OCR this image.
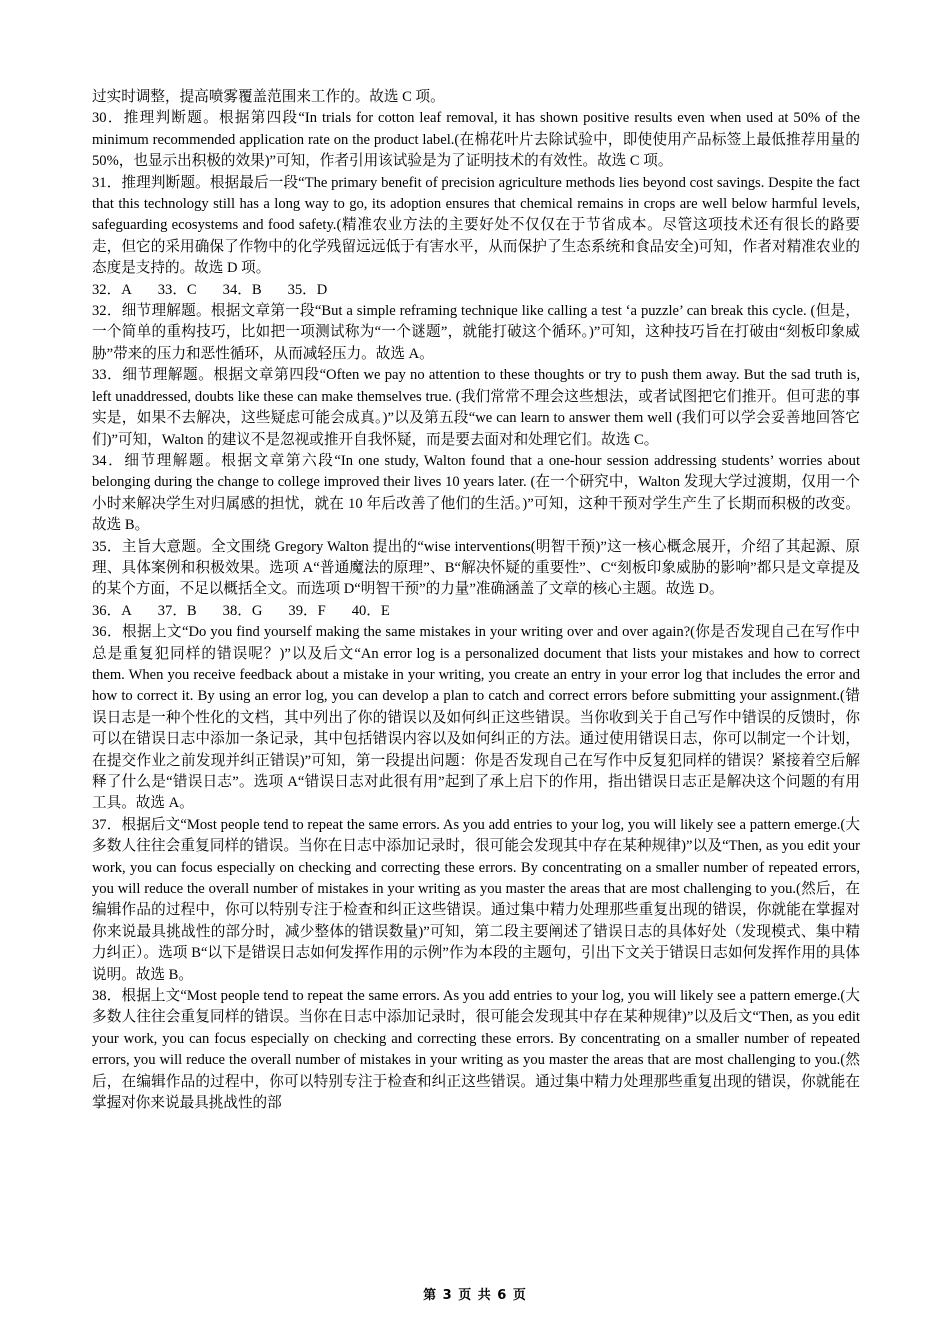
过实时调整，提高喷雾覆盖范围来工作的。故选 C 项。

30．推理判断题。根据第四段“In trials for cotton leaf removal, it has shown positive results even when used at 50% of the minimum recommended application rate on the product label.(在棉花叶片去除试验中，即使使用产品标签上最低推荐用量的 50%，也显示出积极的效果)”可知，作者引用该试验是为了证明技术的有效性。故选 C 项。

31．推理判断题。根据最后一段“The primary benefit of precision agriculture methods lies beyond cost savings. Despite the fact that this technology still has a long way to go, its adoption ensures that chemical remains in crops are well below harmful levels, safeguarding ecosystems and food safety.(精准农业方法的主要好处不仅仅在于节省成本。尽管这项技术还有很长的路要走，但它的采用确保了作物中的化学残留远远低于有害水平，从而保护了生态系统和食品安全)可知，作者对精准农业的态度是支持的。故选 D 项。

32．A 33．C 34．B 35．D

32．细节理解题。根据文章第一段“But a simple reframing technique like calling a test ‘a puzzle’ can break this cycle. (但是，一个简单的重构技巧，比如把一项测试称为“一个谜题”，就能打破这个循环。)”可知，这种技巧旨在打破由“刻板印象威胁”带来的压力和恶性循环，从而减轻压力。故选 A。

33．细节理解题。根据文章第四段“Often we pay no attention to these thoughts or try to push them away. But the sad truth is, left unaddressed, doubts like these can make themselves true. (我们常常不理会这些想法，或者试图把它们推开。但可悲的事实是，如果不去解决，这些疑虑可能会成真。)”以及第五段“we can learn to answer them well (我们可以学会妥善地回答它们)”可知，Walton 的建议不是忽视或推开自我怀疑，而是要去面对和处理它们。故选 C。

34．细节理解题。根据文章第六段“In one study, Walton found that a one-hour session addressing students’ worries about belonging during the change to college improved their lives 10 years later. (在一个研究中，Walton 发现大学过渡期，仅用一个小时来解决学生对归属感的担忧，就在 10 年后改善了他们的生活。)”可知，这种干预对学生产生了长期而积极的改变。故选 B。

35．主旨大意题。全文围绕 Gregory Walton 提出的“wise interventions(明智干预)”这一核心概念展开，介绍了其起源、原理、具体案例和积极效果。选项 A“普通魔法的原理”、B“解决怀疑的重要性”、C“刻板印象威胁的影响”都只是文章提及的某个方面，不足以概括全文。而选项 D“明智干预”的力量”准确涵盖了文章的核心主题。故选 D。

36．A 37．B 38．G 39．F 40．E

36．根据上文“Do you find yourself making the same mistakes in your writing over and over again?(你是否发现自己在写作中总是重复犯同样的错误呢？)”以及后文“An error log is a personalized document that lists your mistakes and how to correct them. When you receive feedback about a mistake in your writing, you create an entry in your error log that includes the error and how to correct it. By using an error log, you can develop a plan to catch and correct errors before submitting your assignment.(错误日志是一种个性化的文档，其中列出了你的错误以及如何纠正这些错误。当你收到关于自己写作中错误的反馈时，你可以在错误日志中添加一条记录，其中包括错误内容以及如何纠正的方法。通过使用错误日志，你可以制定一个计划，在提交作业之前发现并纠正错误)”可知，第一段提出问题：你是否发现自己在写作中反复犯同样的错误？紧接着空后解释了什么是“错误日志”。选项 A“错误日志对此很有用”起到了承上启下的作用，指出错误日志正是解决这个问题的有用工具。故选 A。

37．根据后文“Most people tend to repeat the same errors. As you add entries to your log, you will likely see a pattern emerge.(大多数人往往会重复同样的错误。当你在日志中添加记录时，很可能会发现其中存在某种规律)”以及“Then, as you edit your work, you can focus especially on checking and correcting these errors. By concentrating on a smaller number of repeated errors, you will reduce the overall number of mistakes in your writing as you master the areas that are most challenging to you.(然后，在编辑作品的过程中，你可以特别专注于检查和纠正这些错误。通过集中精力处理那些重复出现的错误，你就能在掌握对你来说最具挑战性的部分时，减少整体的错误数量)”可知，第二段主要阐述了错误日志的具体好处（发现模式、集中精力纠正）。选项 B“以下是错误日志如何发挥作用的示例”作为本段的主题句，引出下文关于错误日志如何发挥作用的具体说明。故选 B。

38．根据上文“Most people tend to repeat the same errors. As you add entries to your log, you will likely see a pattern emerge.(大多数人往往会重复同样的错误。当你在日志中添加记录时，很可能会发现其中存在某种规律)”以及后文“Then, as you edit your work, you can focus especially on checking and correcting these errors. By concentrating on a smaller number of repeated errors, you will reduce the overall number of mistakes in your writing as you master the areas that are most challenging to you.(然后，在编辑作品的过程中，你可以特别专注于检查和纠正这些错误。通过集中精力处理那些重复出现的错误，你就能在掌握对你来说最具挑战性的部

第 3 页 共 6 页
